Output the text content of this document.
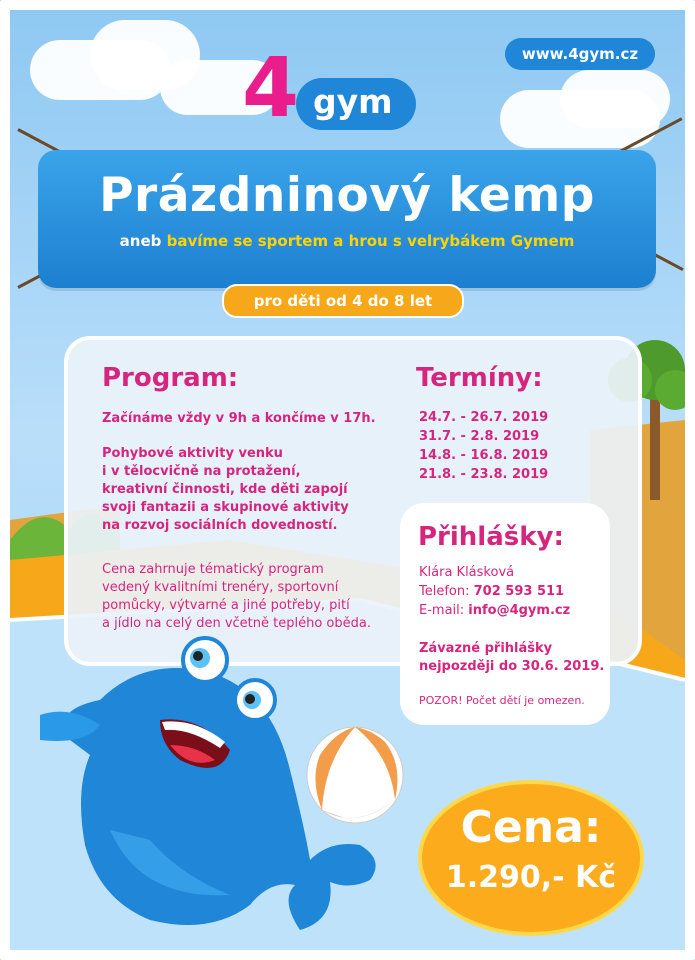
www.4gym.cz
4 gym
Prázdninový kemp
aneb bavíme se sportem a hrou s velrybákem Gymem
pro děti od 4 do 8 let
Program:	Termíny:
Začínáme vždy v 9h a končíme v 17h.
Pohybové aktivity venku
i v tělocvičně na protažení,
kreativní činnosti, kde děti zapojí
svoji fantazii a skupinové aktivity
na rozvoj sociálních dovedností.
Cena zahrnuje tématický program
vedený kvalitními trenéry, sportovní
pomůcky, výtvarné a jiné potřeby, pití
a jídlo na celý den včetně teplého oběda.
24.7. - 26.7. 2019
31.7. - 2.8. 2019
14.8. - 16.8. 2019
21.8. - 23.8. 2019
Přihlášky:
Klára Klásková
Telefon: 702 593 511
E-mail: info@4gym.cz
Závazné přihlášky
nejpozději do 30.6. 2019.
POZOR! Počet dětí je omezen.
Cena:
1.290,- Kč
